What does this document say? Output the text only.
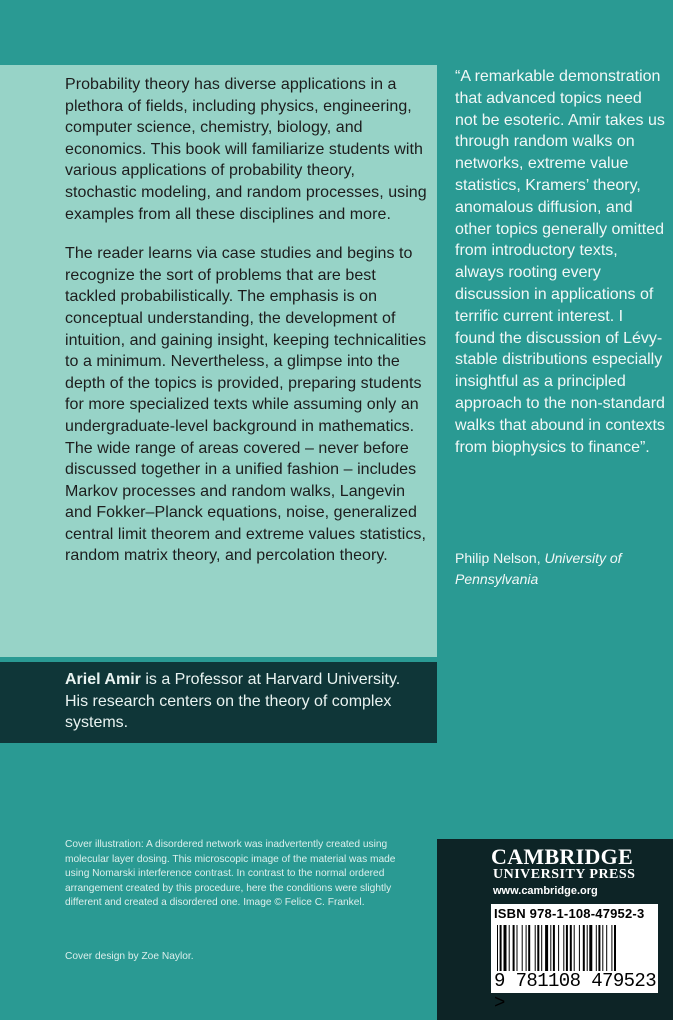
Probability theory has diverse applications in a plethora of fields, including physics, engineering, computer science, chemistry, biology, and economics. This book will familiarize students with various applications of probability theory, stochastic modeling, and random processes, using examples from all these disciplines and more.

The reader learns via case studies and begins to recognize the sort of problems that are best tackled probabilistically. The emphasis is on conceptual understanding, the development of intuition, and gaining insight, keeping technicalities to a minimum. Nevertheless, a glimpse into the depth of the topics is provided, preparing students for more specialized texts while assuming only an undergraduate-level background in mathematics. The wide range of areas covered – never before discussed together in a unified fashion – includes Markov processes and random walks, Langevin and Fokker–Planck equations, noise, generalized central limit theorem and extreme values statistics, random matrix theory, and percolation theory.

Ariel Amir is a Professor at Harvard University. His research centers on the theory of complex systems.

“A remarkable demonstration that advanced topics need not be esoteric. Amir takes us through random walks on networks, extreme value statistics, Kramers’ theory, anomalous diffusion, and other topics generally omitted from introductory texts, always rooting every discussion in applications of terrific current interest. I found the discussion of Lévy-stable distributions especially insightful as a principled approach to the non-standard walks that abound in contexts from biophysics to finance”.

Philip Nelson, University of Pennsylvania

Cover illustration: A disordered network was inadvertently created using molecular layer dosing. This microscopic image of the material was made using Nomarski interference contrast. In contrast to the normal ordered arrangement created by this procedure, here the conditions were slightly different and created a disordered one. Image © Felice C. Frankel.

Cover design by Zoe Naylor.

CAMBRIDGE

UNIVERSITY PRESS

www.cambridge.org

ISBN 978-1-108-47952-3

9 781108 479523 >
